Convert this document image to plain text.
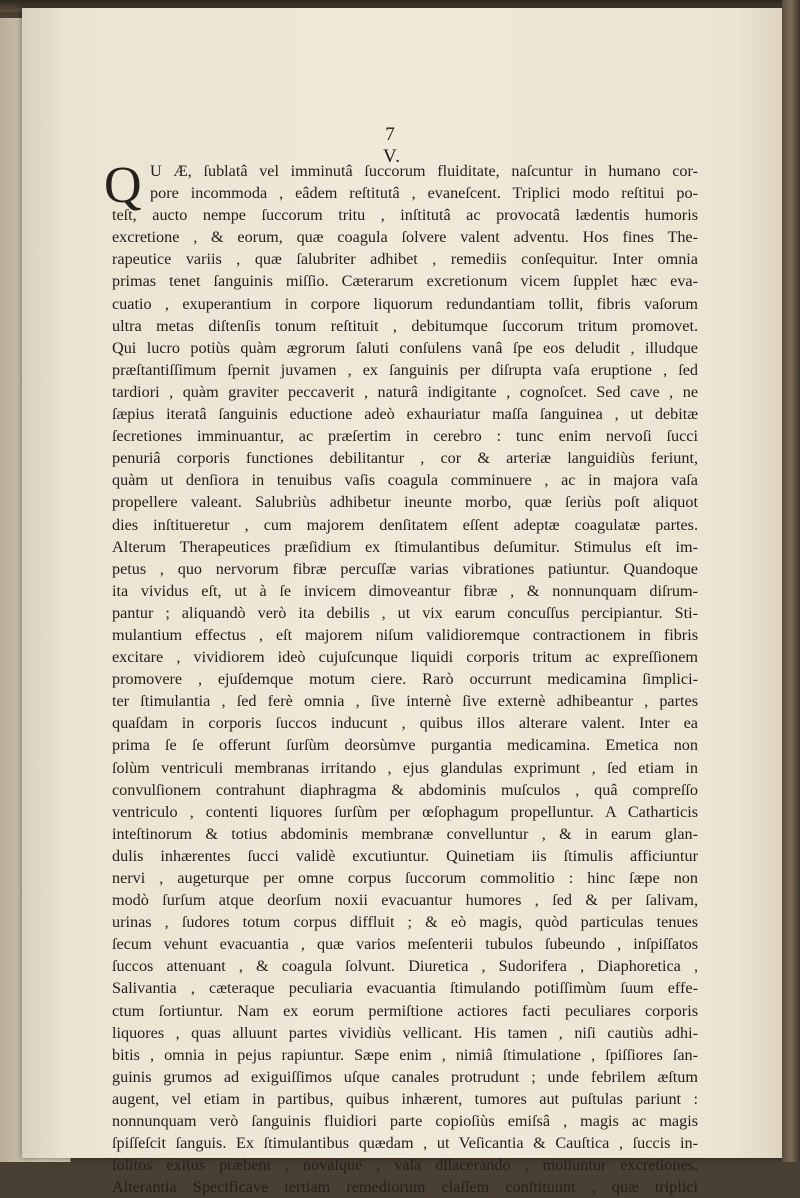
7
V.
Q U Æ, ſublatâ vel imminutâ ſuccorum fluiditate, naſcuntur in humano cor-
pore incommoda , eâdem reſtitutâ , evaneſcent. Triplici modo reſtitui po-
teſt, aucto nempe ſuccorum tritu , inſtitutâ ac provocatâ lædentis humoris
excretione , & eorum, quæ coagula ſolvere valent adventu. Hos fines The-
rapeutice variis , quæ ſalubriter adhibet , remediis conſequitur. Inter omnia
primas tenet ſanguinis miſſio. Cæterarum excretionum vicem ſupplet hæc eva-
cuatio , exuperantium in corpore liquorum redundantiam tollit, fibris vaſorum
ultra metas diſtenſis tonum reſtituit , debitumque ſuccorum tritum promovet.
Qui lucro potiùs quàm ægrorum ſaluti conſulens vanâ ſpe eos deludit , illudque
præſtantiſſimum ſpernit juvamen , ex ſanguinis per diſrupta vaſa eruptione , ſed
tardiori , quàm graviter peccaverit , naturâ indigitante , cognoſcet. Sed cave , ne
ſæpius iteratâ ſanguinis eductione adeò exhauriatur maſſa ſanguinea , ut debitæ
ſecretiones imminuantur, ac præſertim in cerebro : tunc enim nervoſi ſucci
penuriâ corporis functiones debilitantur , cor & arteriæ languidiùs feriunt,
quàm ut denſiora in tenuibus vaſis coagula comminuere , ac in majora vaſa
propellere valeant. Salubriùs adhibetur ineunte morbo, quæ ſeriùs poſt aliquot
dies inſtitueretur , cum majorem denſitatem eſſent adeptæ coagulatæ partes.
Alterum Therapeutices præſidium ex ſtimulantibus deſumitur. Stimulus eſt im-
petus , quo nervorum fibræ percuſſæ varias vibrationes patiuntur. Quandoque
ita vividus eſt, ut à ſe invicem dimoveantur fibræ , & nonnunquam diſrum-
pantur ; aliquandò verò ita debilis , ut vix earum concuſſus percipiantur. Sti-
mulantium effectus , eſt majorem niſum validioremque contractionem in fibris
excitare , vividiorem ideò cujuſcunque liquidi corporis tritum ac expreſſionem
promovere , ejuſdemque motum ciere. Rarò occurrunt medicamina ſimplici-
ter ſtimulantia , ſed ferè omnia , ſive internè ſive externè adhibeantur , partes
quaſdam in corporis ſuccos inducunt , quibus illos alterare valent. Inter ea
prima ſe ſe offerunt ſurſùm deorsùmve purgantia medicamina. Emetica non
ſolùm ventriculi membranas irritando , ejus glandulas exprimunt , ſed etiam in
convulſionem contrahunt diaphragma & abdominis muſculos , quâ compreſſo
ventriculo , contenti liquores ſurſùm per œſophagum propelluntur. A Catharticis
inteſtinorum & totius abdominis membranæ convelluntur , & in earum glan-
dulis inhærentes ſucci validè excutiuntur. Quinetiam iis ſtimulis afficiuntur
nervi , augeturque per omne corpus ſuccorum commolitio : hinc ſæpe non
modò ſurſum atque deorſum noxii evacuantur humores , ſed & per ſalivam,
urinas , ſudores totum corpus diffluit ; & eò magis, quòd particulas tenues
ſecum vehunt evacuantia , quæ varios meſenterii tubulos ſubeundo , inſpiſſatos
ſuccos attenuant , & coagula ſolvunt. Diuretica , Sudorifera , Diaphoretica ,
Salivantia , cæteraque peculiaria evacuantia ſtimulando potiſſimùm ſuum effe-
ctum ſortiuntur. Nam ex eorum permiſtione actiores facti peculiares corporis
liquores , quas alluunt partes vividiùs vellicant. His tamen , niſi cautiùs adhi-
bitis , omnia in pejus rapiuntur. Sæpe enim , nimiâ ſtimulatione , ſpiſſiores ſan-
guinis grumos ad exiguiſſimos uſque canales protrudunt ; unde febrilem æſtum
augent, vel etiam in partibus, quibus inhærent, tumores aut puſtulas pariunt :
nonnunquam verò ſanguinis fluidiori parte copioſiùs emiſsâ , magis ac magis
ſpiſſeſcit ſanguis. Ex ſtimulantibus quædam , ut Veſicantia & Cauſtica , ſuccis in-
ſolitos exitus præbent , novaſque , vaſa dilacerando , moliuntur excretiones.
Alterantia Specificave tertiam remediorum claſſem conſtituunt , quæ triplici
